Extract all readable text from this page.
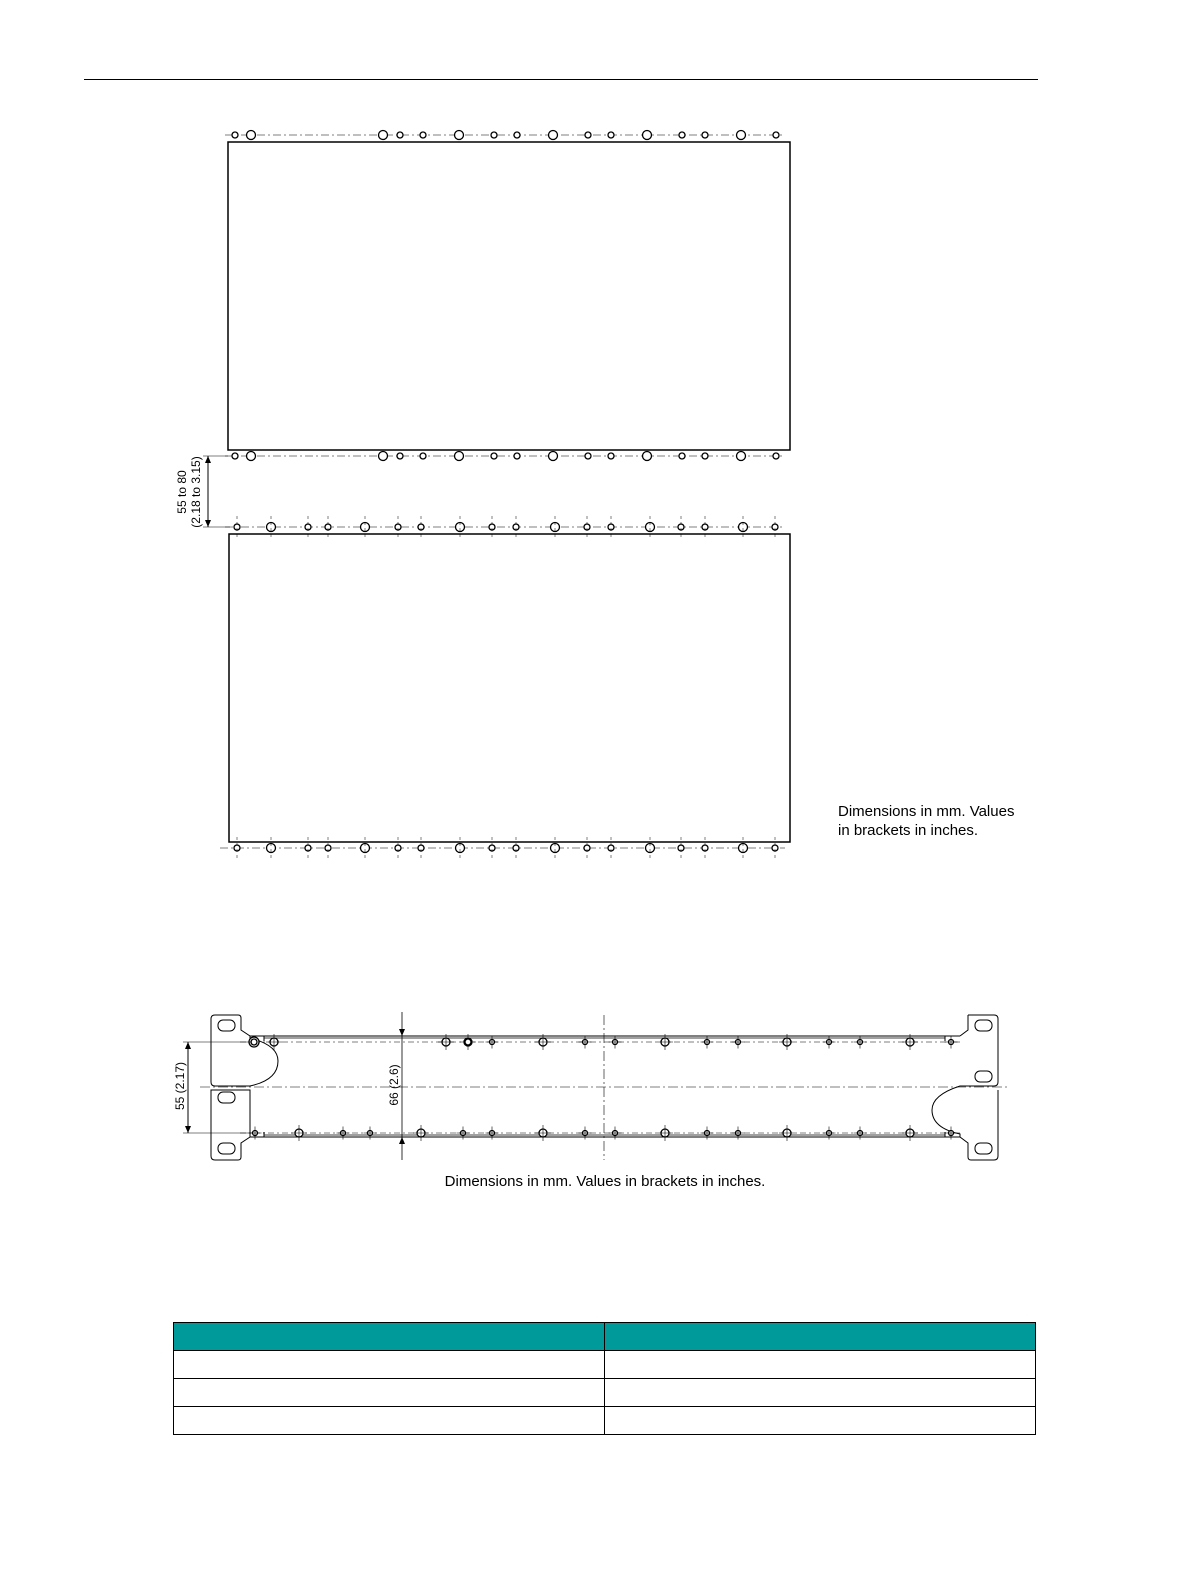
55 to 80 (2.18 to 3.15)
55 (2.17)	66 (2.6)
Dimensions in mm. Values in brackets in inches.
Dimensions in mm. Values in brackets in inches.
